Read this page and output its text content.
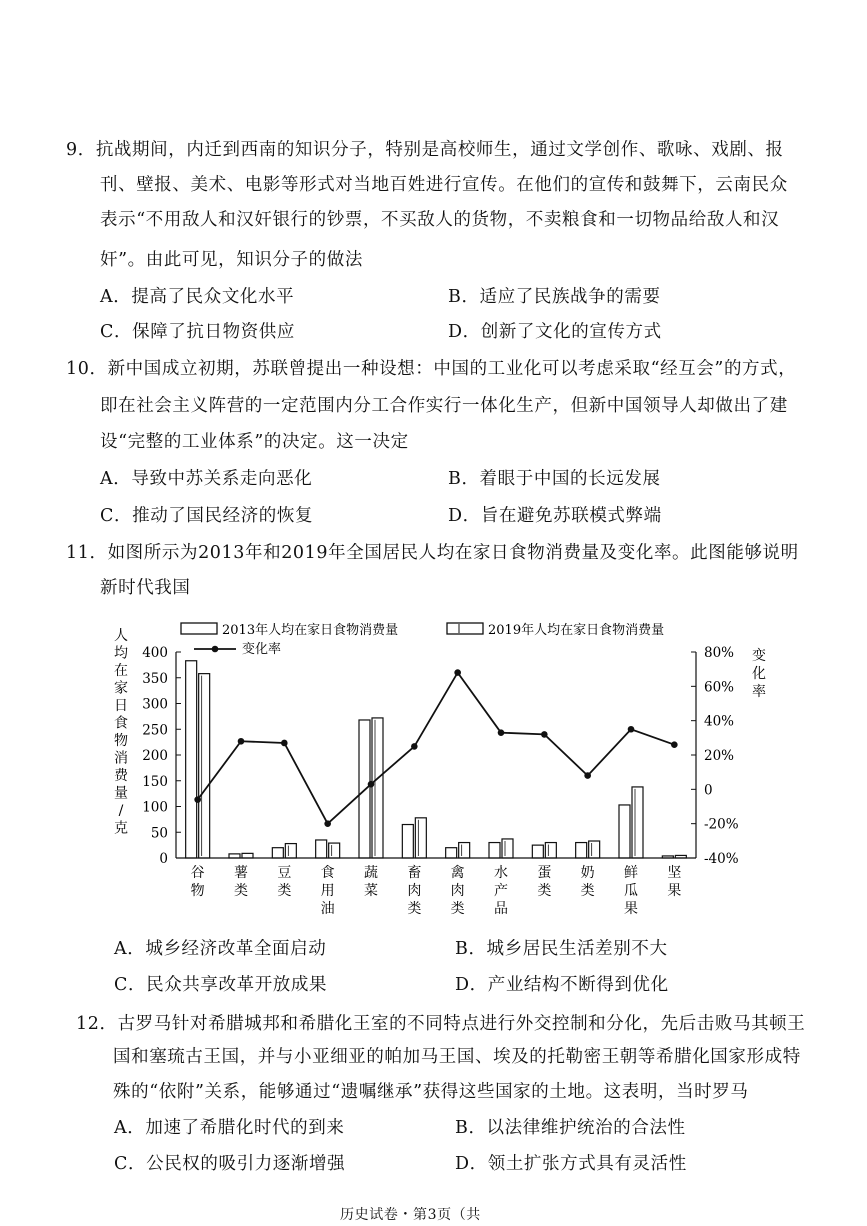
9．抗战期间，内迁到西南的知识分子，特别是高校师生，通过文学创作、歌咏、戏剧、报
刊、壁报、美术、电影等形式对当地百姓进行宣传。在他们的宣传和鼓舞下，云南民众
表示“不用敌人和汉奸银行的钞票，不买敌人的货物，不卖粮食和一切物品给敌人和汉
奸”。由此可见，知识分子的做法
A．提高了民众文化水平	B．适应了民族战争的需要
C．保障了抗日物资供应	D．创新了文化的宣传方式
10．新中国成立初期，苏联曾提出一种设想：中国的工业化可以考虑采取“经互会”的方式，
即在社会主义阵营的一定范围内分工合作实行一体化生产，但新中国领导人却做出了建
设“完整的工业体系”的决定。这一决定
A．导致中苏关系走向恶化	B．着眼于中国的长远发展
C．推动了国民经济的恢复	D．旨在避免苏联模式弊端
11．如图所示为2013年和2019年全国居民人均在家日食物消费量及变化率。此图能够说明
新时代我国
人
均
在
家
日
食
物
消
费
量
/
克
变
化
率
0
50
100
150
200
250
300
350
400
-40%
-20%
0
20%
40%
60%
80%
谷
物
薯
类
豆
类
食
用
油
蔬
菜
畜
肉
类
禽
肉
类
水
产
品
蛋
类
奶
类
鲜
瓜
果
坚
果
2013年人均在家日食物消费量	2019年人均在家日食物消费量
变化率
A．城乡经济改革全面启动	B．城乡居民生活差别不大
C．民众共享改革开放成果	D．产业结构不断得到优化
12．古罗马针对希腊城邦和希腊化王室的不同特点进行外交控制和分化，先后击败马其顿王
国和塞琉古王国，并与小亚细亚的帕加马王国、埃及的托勒密王朝等希腊化国家形成特
殊的“依附”关系，能够通过“遗嘱继承”获得这些国家的土地。这表明，当时罗马
A．加速了希腊化时代的到来	B．以法律维护统治的合法性
C．公民权的吸引力逐渐增强	D．领土扩张方式具有灵活性
历史试卷・第3页（共
